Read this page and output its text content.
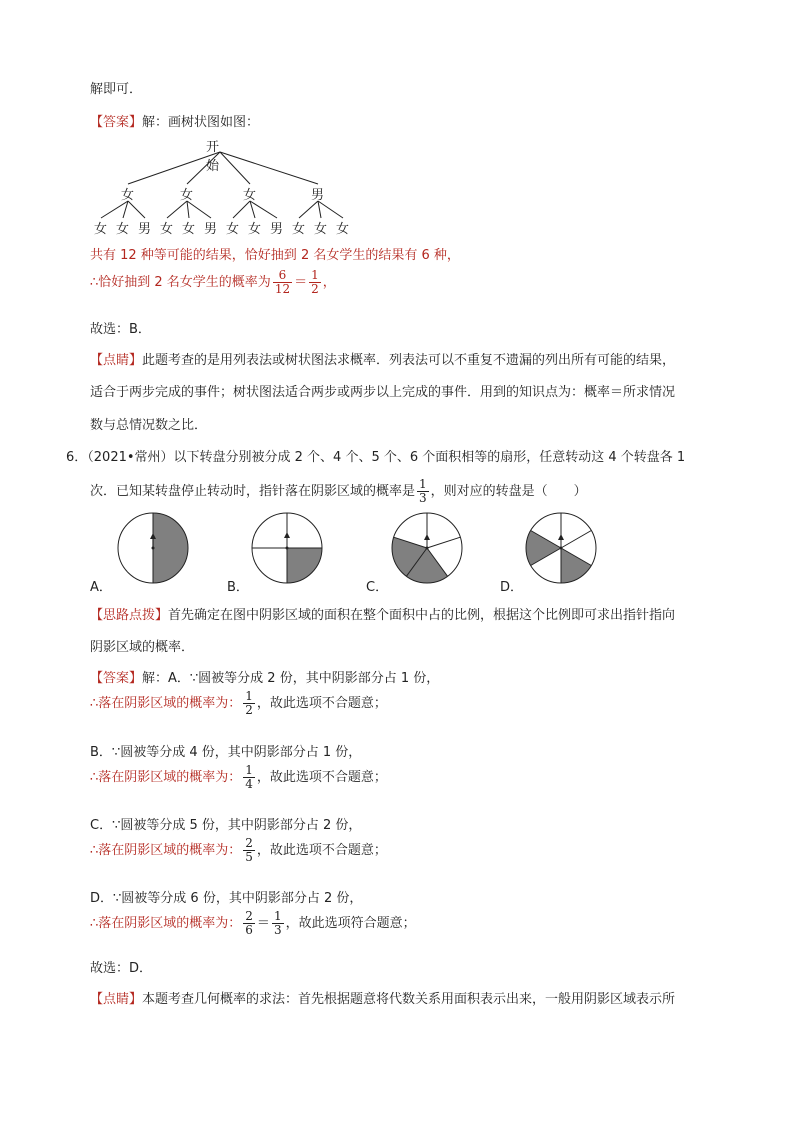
解即可．
【答案】解：画树状图如图：
开始
女	女	女	男
女 女 男 女 女 男 女 女 男 女 女 女
共有 12 种等可能的结果，恰好抽到 2 名女学生的结果有 6 种，
∴恰好抽到 2 名女学生的概率为 $\frac{6}{12} = \frac{1}{2}$ ，
故选：B．
【点睛】此题考查的是用列表法或树状图法求概率．列表法可以不重复不遗漏的列出所有可能的结果，
适合于两步完成的事件；树状图法适合两步或两步以上完成的事件．用到的知识点为：概率＝所求情况
数与总情况数之比．
6．（2021•常州）以下转盘分别被分成 2 个、4 个、5 个、6 个面积相等的扇形，任意转动这 4 个转盘各 1
次．已知某转盘停止转动时，指针落在阴影区域的概率是 $\frac{1}{3}$ ，则对应的转盘是（　　）
A．	B．	C．	D．
【思路点拨】首先确定在图中阴影区域的面积在整个面积中占的比例，根据这个比例即可求出指针指向
阴影区域的概率．
【答案】解：A．∵圆被等分成 2 份，其中阴影部分占 1 份，
∴落在阴影区域的概率为： $\frac{1}{2}$ ，故此选项不合题意；
B．∵圆被等分成 4 份，其中阴影部分占 1 份，
∴落在阴影区域的概率为： $\frac{1}{4}$ ，故此选项不合题意；
C．∵圆被等分成 5 份，其中阴影部分占 2 份，
∴落在阴影区域的概率为： $\frac{2}{5}$ ，故此选项不合题意；
D．∵圆被等分成 6 份，其中阴影部分占 2 份，
∴落在阴影区域的概率为： $\frac{2}{6} = \frac{1}{3}$ ，故此选项符合题意；
故选：D．
【点睛】本题考查几何概率的求法：首先根据题意将代数关系用面积表示出来，一般用阴影区域表示所
